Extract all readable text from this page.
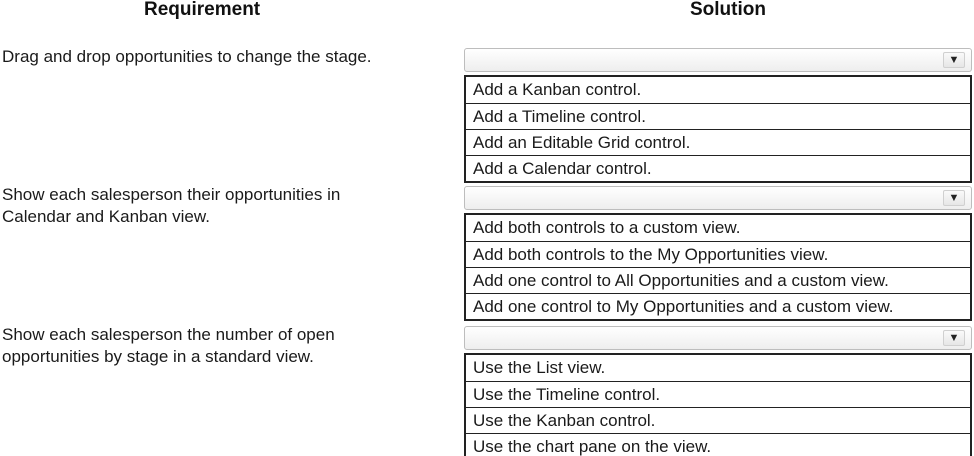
Requirement	Solution
Drag and drop opportunities to change the stage.	▼
Add a Kanban control.
Add a Timeline control.
Add an Editable Grid control.
Add a Calendar control.
Show each salesperson their opportunities in
Calendar and Kanban view.
▼
Add both controls to a custom view.
Add both controls to the My Opportunities view.
Add one control to All Opportunities and a custom view.
Add one control to My Opportunities and a custom view.
Show each salesperson the number of open
opportunities by stage in a standard view.
▼
Use the List view.
Use the Timeline control.
Use the Kanban control.
Use the chart pane on the view.
